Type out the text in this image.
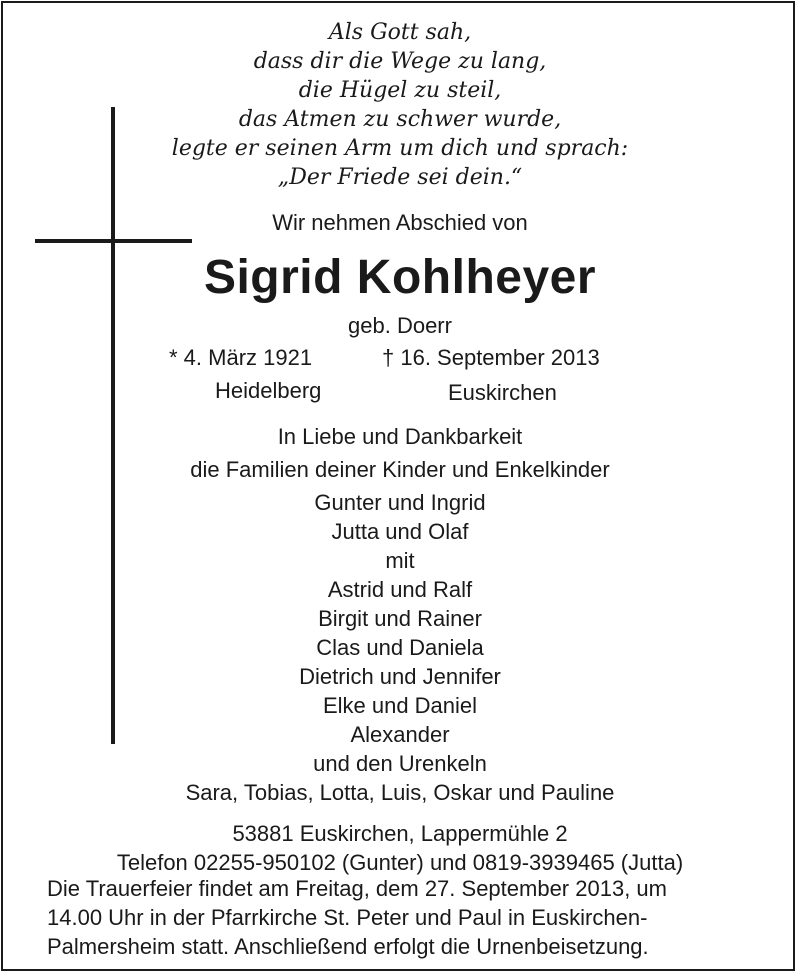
Als Gott sah,
dass dir die Wege zu lang,
die Hügel zu steil,
das Atmen zu schwer wurde,
legte er seinen Arm um dich und sprach:
„Der Friede sei dein.“
Wir nehmen Abschied von
Sigrid Kohlheyer
geb. Doerr
* 4. März 1921	† 16. September 2013
Heidelberg	Euskirchen
In Liebe und Dankbarkeit
die Familien deiner Kinder und Enkelkinder
Gunter und Ingrid
Jutta und Olaf
mit
Astrid und Ralf
Birgit und Rainer
Clas und Daniela
Dietrich und Jennifer
Elke und Daniel
Alexander
und den Urenkeln
Sara, Tobias, Lotta, Luis, Oskar und Pauline
53881 Euskirchen, Lappermühle 2
Telefon 02255-950102 (Gunter) und 0819-3939465 (Jutta)
Die Trauerfeier findet am Freitag, dem 27. September 2013, um
14.00 Uhr in der Pfarrkirche St. Peter und Paul in Euskirchen-
Palmersheim statt. Anschließend erfolgt die Urnenbeisetzung.
